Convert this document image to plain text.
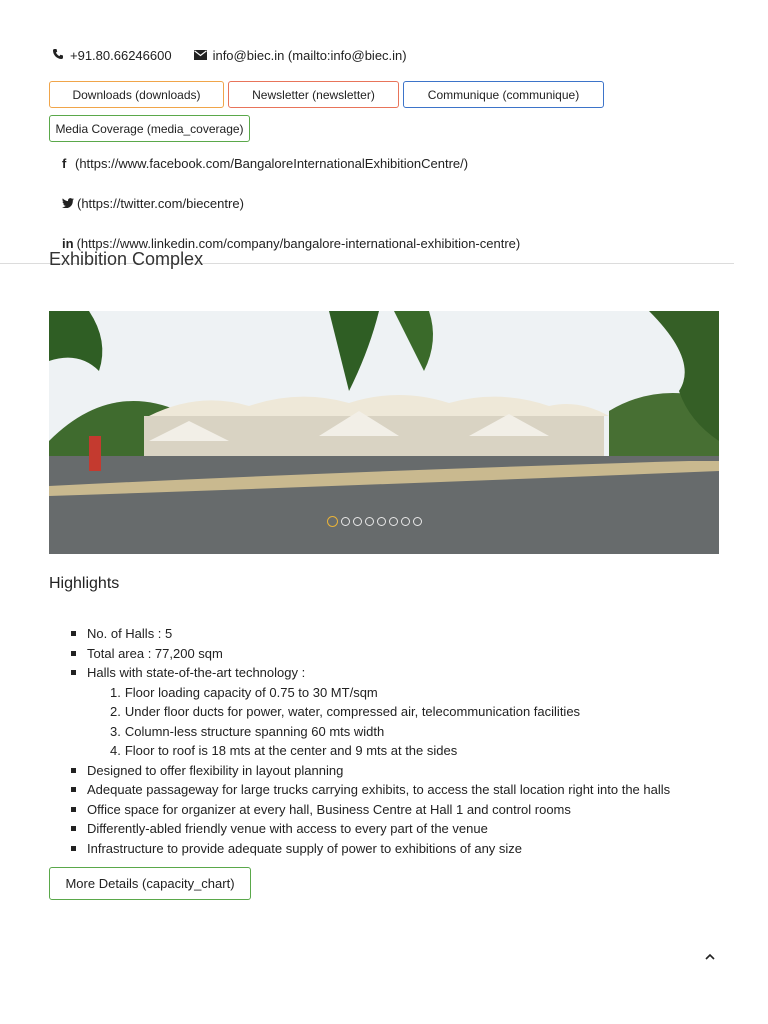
+91.80.66246600	info@biec.in (mailto:info@biec.in)
Downloads (downloads)	Newsletter (newsletter)	Communique (communique)
Media Coverage (media_coverage)
f (https://www.facebook.com/BangaloreInternationalExhibitionCentre/)
(https://twitter.com/biecentre)
in (https://www.linkedin.com/company/bangalore-international-exhibition-centre)
Exhibition Complex
Highlights
No. of Halls : 5
Total area : 77,200 sqm
Halls with state-of-the-art technology :
1. Floor loading capacity of 0.75 to 30 MT/sqm
2. Under floor ducts for power, water, compressed air, telecommunication facilities
3. Column-less structure spanning 60 mts width
4. Floor to roof is 18 mts at the center and 9 mts at the sides
Designed to offer flexibility in layout planning
Adequate passageway for large trucks carrying exhibits, to access the stall location right into the halls
Office space for organizer at every hall, Business Centre at Hall 1 and control rooms
Differently-abled friendly venue with access to every part of the venue
Infrastructure to provide adequate supply of power to exhibitions of any size
More Details (capacity_chart)
